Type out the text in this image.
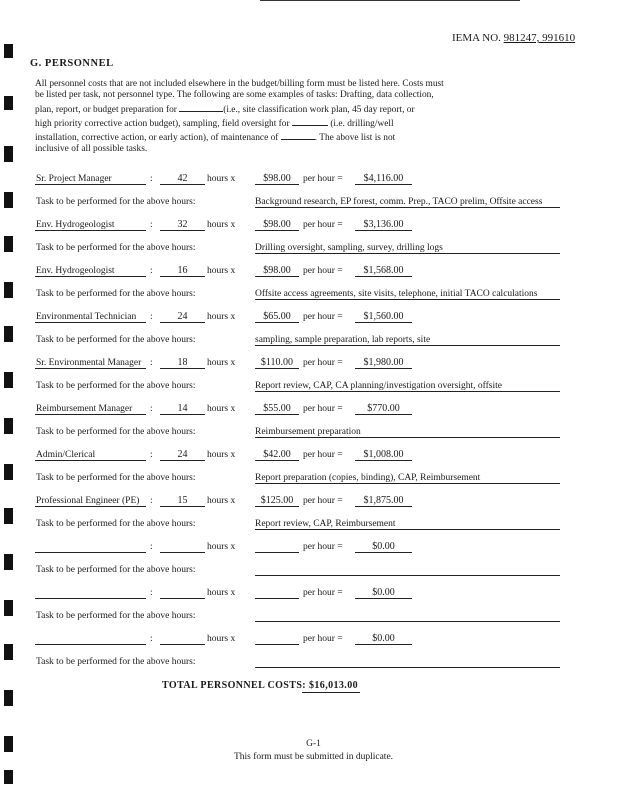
IEMA NO. 981247, 991610
G. PERSONNEL
All personnel costs that are not included elsewhere in the budget/billing form must be listed here. Costs must
be listed per task, not personnel type. The following are some examples of tasks: Drafting, data collection,
plan, report, or budget preparation for	(i.e., site classification work plan, 45 day report, or
high priority corrective action budget), sampling, field oversight for	(i.e. drilling/well
installation, corrective action, or early action), of maintenance of	. The above list is not
inclusive of all possible tasks.
Sr. Project Manager	:	42	hours x	$98.00	per hour =	$4,116.00
Task to be performed for the above hours:	Background research, EP forest, comm. Prep., TACO prelim, Offsite access
Env. Hydrogeologist	:	32	hours x	$98.00	per hour =	$3,136.00
Task to be performed for the above hours:	Drilling oversight, sampling, survey, drilling logs
Env. Hydrogeologist	:	16	hours x	$98.00	per hour =	$1,568.00
Task to be performed for the above hours:	Offsite access agreements, site visits, telephone, initial TACO calculations
Environmental Technician :	24	hours x	$65.00	per hour =	$1,560.00
Task to be performed for the above hours:	sampling, sample preparation, lab reports, site
Sr. Environmental Manager :	18	hours x	$110.00	per hour =	$1,980.00
Task to be performed for the above hours:	Report review, CAP, CA planning/investigation oversight, offsite
Reimbursement Manager :	14	hours x	$55.00	per hour =	$770.00
Task to be performed for the above hours:	Reimbursement preparation
Admin/Clerical	:	24	hours x	$42.00	per hour =	$1,008.00
Task to be performed for the above hours:	Report preparation (copies, binding), CAP, Reimbursement
Professional Engineer (PE) :	15	hours x	$125.00	per hour =	$1,875.00
Task to be performed for the above hours:	Report review, CAP, Reimbursement
:	hours x	per hour =	$0.00
Task to be performed for the above hours:
:	hours x	per hour =	$0.00
Task to be performed for the above hours:
:	hours x	per hour =	$0.00
Task to be performed for the above hours:
TOTAL PERSONNEL COSTS: $16,013.00
G-1
This form must be submitted in duplicate.
